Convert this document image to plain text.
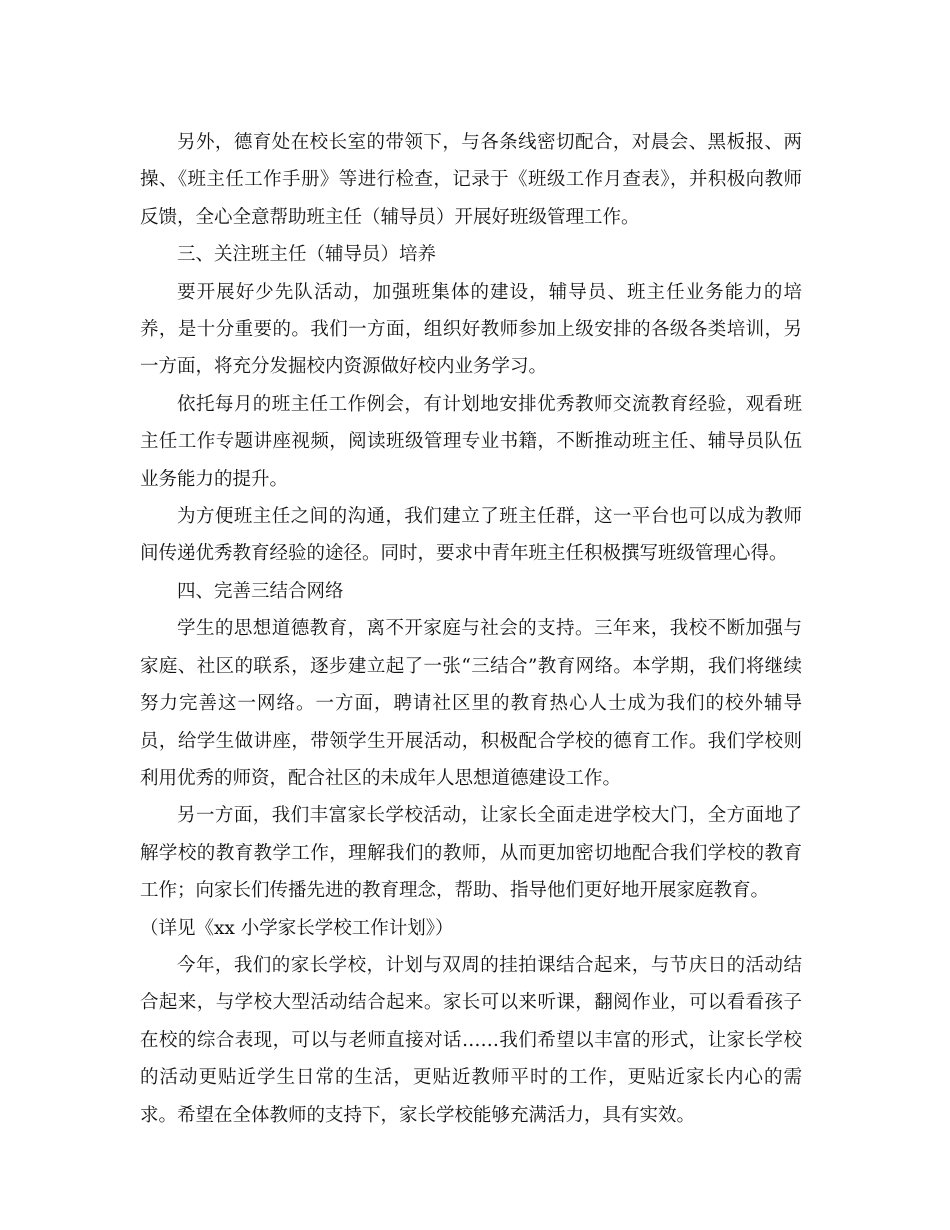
另外，德育处在校长室的带领下，与各条线密切配合，对晨会、黑板报、两操、《班主任工作手册》等进行检查，记录于《班级工作月查表》，并积极向教师反馈，全心全意帮助班主任（辅导员）开展好班级管理工作。

三、关注班主任（辅导员）培养

要开展好少先队活动，加强班集体的建设，辅导员、班主任业务能力的培养，是十分重要的。我们一方面，组织好教师参加上级安排的各级各类培训，另一方面，将充分发掘校内资源做好校内业务学习。

依托每月的班主任工作例会，有计划地安排优秀教师交流教育经验，观看班主任工作专题讲座视频，阅读班级管理专业书籍，不断推动班主任、辅导员队伍业务能力的提升。

为方便班主任之间的沟通，我们建立了班主任群，这一平台也可以成为教师间传递优秀教育经验的途径。同时，要求中青年班主任积极撰写班级管理心得。

四、完善三结合网络

学生的思想道德教育，离不开家庭与社会的支持。三年来，我校不断加强与家庭、社区的联系，逐步建立起了一张“三结合”教育网络。本学期，我们将继续努力完善这一网络。一方面，聘请社区里的教育热心人士成为我们的校外辅导员，给学生做讲座，带领学生开展活动，积极配合学校的德育工作。我们学校则利用优秀的师资，配合社区的未成年人思想道德建设工作。

另一方面，我们丰富家长学校活动，让家长全面走进学校大门，全方面地了解学校的教育教学工作，理解我们的教师，从而更加密切地配合我们学校的教育工作；向家长们传播先进的教育理念，帮助、指导他们更好地开展家庭教育。

（详见《xx 小学家长学校工作计划》）

今年，我们的家长学校，计划与双周的挂拍课结合起来，与节庆日的活动结合起来，与学校大型活动结合起来。家长可以来听课，翻阅作业，可以看看孩子在校的综合表现，可以与老师直接对话……我们希望以丰富的形式，让家长学校的活动更贴近学生日常的生活，更贴近教师平时的工作，更贴近家长内心的需求。希望在全体教师的支持下，家长学校能够充满活力，具有实效。
